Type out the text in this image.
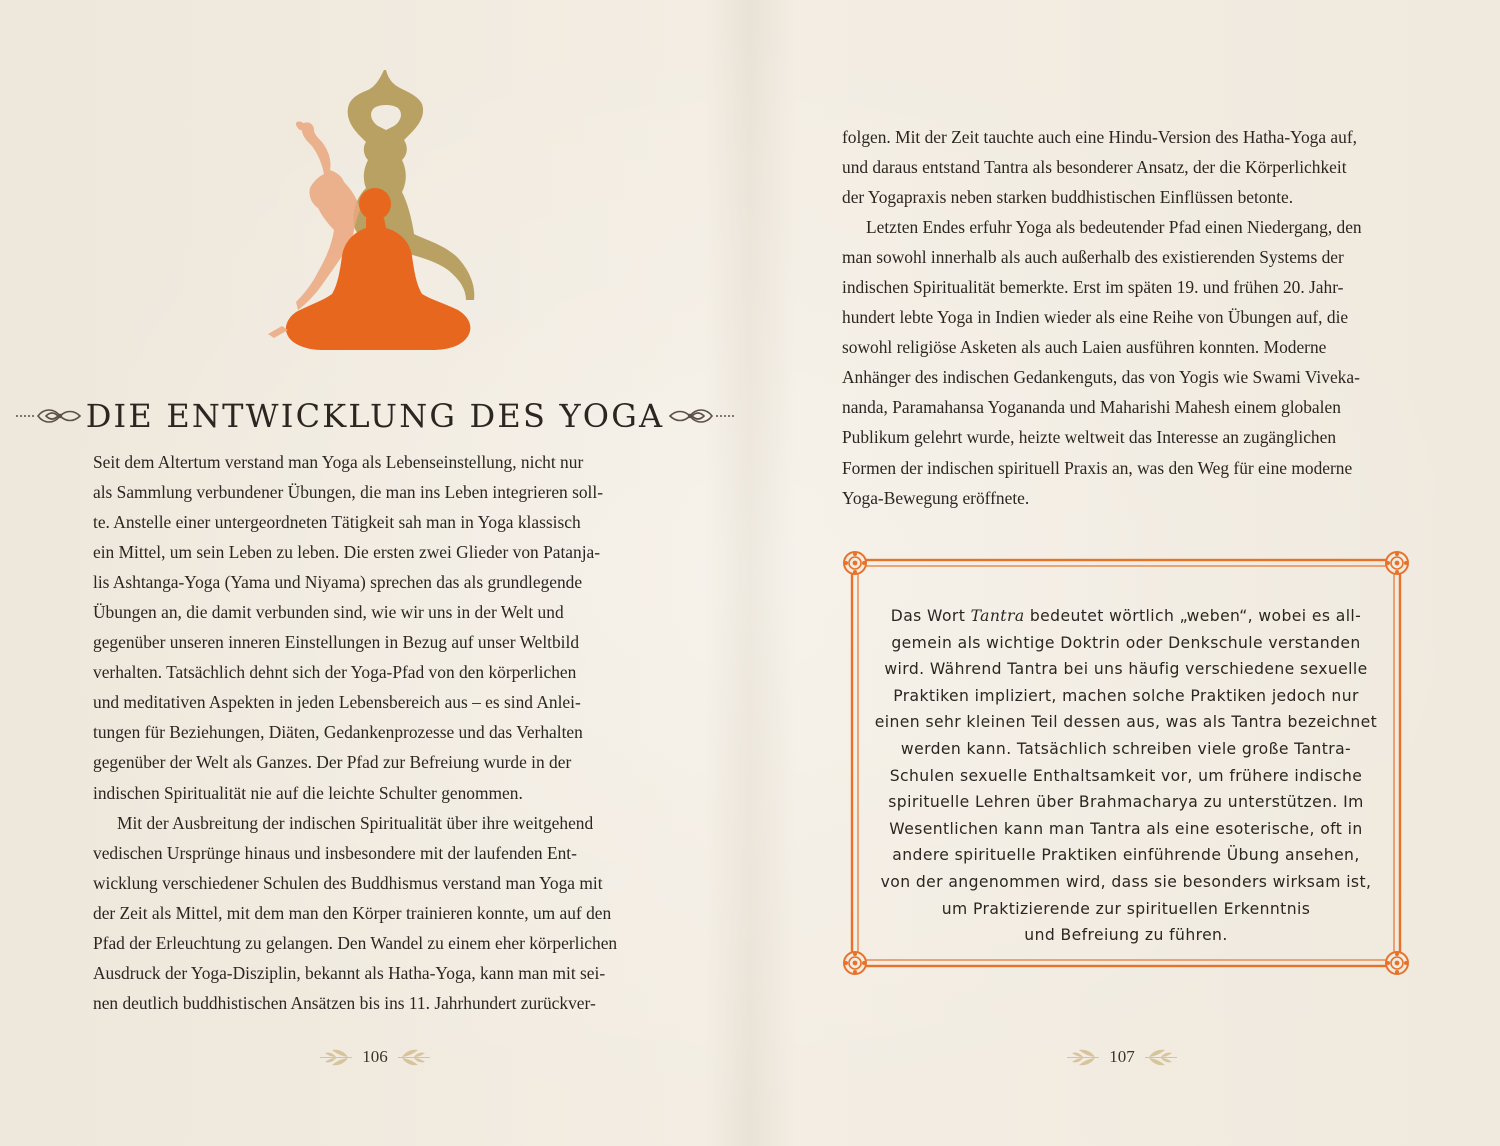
DIE ENTWICKLUNG DES YOGA

Seit dem Altertum verstand man Yoga als Lebenseinstellung, nicht nur
als Sammlung verbundener Übungen, die man ins Leben integrieren soll-
te. Anstelle einer untergeordneten Tätigkeit sah man in Yoga klassisch
ein Mittel, um sein Leben zu leben. Die ersten zwei Glieder von Patanja-
lis Ashtanga-Yoga (Yama und Niyama) sprechen das als grundlegende
Übungen an, die damit verbunden sind, wie wir uns in der Welt und
gegenüber unseren inneren Einstellungen in Bezug auf unser Weltbild
verhalten. Tatsächlich dehnt sich der Yoga-Pfad von den körperlichen
und meditativen Aspekten in jeden Lebensbereich aus – es sind Anlei-
tungen für Beziehungen, Diäten, Gedankenprozesse und das Verhalten
gegenüber der Welt als Ganzes. Der Pfad zur Befreiung wurde in der
indischen Spiritualität nie auf die leichte Schulter genommen.

Mit der Ausbreitung der indischen Spiritualität über ihre weitgehend
vedischen Ursprünge hinaus und insbesondere mit der laufenden Ent-
wicklung verschiedener Schulen des Buddhismus verstand man Yoga mit
der Zeit als Mittel, mit dem man den Körper trainieren konnte, um auf den
Pfad der Erleuchtung zu gelangen. Den Wandel zu einem eher körperlichen
Ausdruck der Yoga-Disziplin, bekannt als Hatha-Yoga, kann man mit sei-
nen deutlich buddhistischen Ansätzen bis ins 11. Jahrhundert zurückver-

106

folgen. Mit der Zeit tauchte auch eine Hindu-Version des Hatha-Yoga auf,
und daraus entstand Tantra als besonderer Ansatz, der die Körperlichkeit
der Yogapraxis neben starken buddhistischen Einflüssen betonte.

Letzten Endes erfuhr Yoga als bedeutender Pfad einen Niedergang, den
man sowohl innerhalb als auch außerhalb des existierenden Systems der
indischen Spiritualität bemerkte. Erst im späten 19. und frühen 20. Jahr-
hundert lebte Yoga in Indien wieder als eine Reihe von Übungen auf, die
sowohl religiöse Asketen als auch Laien ausführen konnten. Moderne
Anhänger des indischen Gedankenguts, das von Yogis wie Swami Viveka-
nanda, Paramahansa Yogananda und Maharishi Mahesh einem globalen
Publikum gelehrt wurde, heizte weltweit das Interesse an zugänglichen
Formen der indischen spirituell Praxis an, was den Weg für eine moderne
Yoga-Bewegung eröffnete.

Das Wort Tantra bedeutet wörtlich „weben“, wobei es all-
gemein als wichtige Doktrin oder Denkschule verstanden
wird. Während Tantra bei uns häufig verschiedene sexuelle
Praktiken impliziert, machen solche Praktiken jedoch nur
einen sehr kleinen Teil dessen aus, was als Tantra bezeichnet
werden kann. Tatsächlich schreiben viele große Tantra-
Schulen sexuelle Enthaltsamkeit vor, um frühere indische
spirituelle Lehren über Brahmacharya zu unterstützen. Im
Wesentlichen kann man Tantra als eine esoterische, oft in
andere spirituelle Praktiken einführende Übung ansehen,
von der angenommen wird, dass sie besonders wirksam ist,
um Praktizierende zur spirituellen Erkenntnis
und Befreiung zu führen.
107
